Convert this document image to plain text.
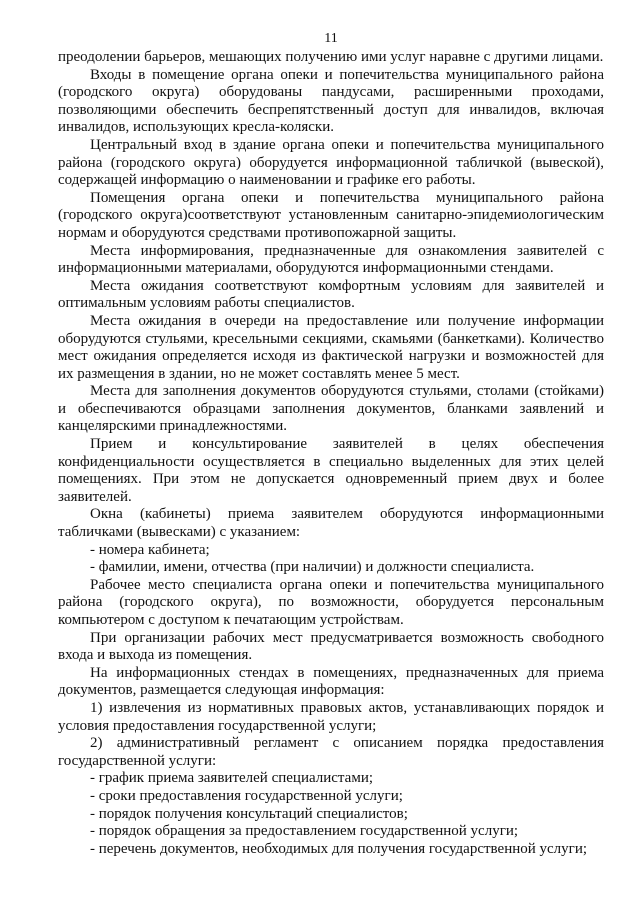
11

преодолении барьеров, мешающих получению ими услуг наравне с другими лицами.

Входы в помещение органа опеки и попечительства муниципального района (городского округа) оборудованы пандусами, расширенными проходами, позволяющими обеспечить беспрепятственный доступ для инвалидов, включая инвалидов, использующих кресла-коляски.

Центральный вход в здание органа опеки и попечительства муниципального района (городского округа) оборудуется информационной табличкой (вывеской), содержащей информацию о наименовании и графике его работы.

Помещения органа опеки и попечительства муниципального района (городского округа)соответствуют установленным санитарно-эпидемиологическим нормам и оборудуются средствами противопожарной защиты.

Места информирования, предназначенные для ознакомления заявителей с информационными материалами, оборудуются информационными стендами.

Места ожидания соответствуют комфортным условиям для заявителей и оптимальным условиям работы специалистов.

Места ожидания в очереди на предоставление или получение информации оборудуются стульями, кресельными секциями, скамьями (банкетками). Количество мест ожидания определяется исходя из фактической нагрузки и возможностей для их размещения в здании, но не может составлять менее 5 мест.

Места для заполнения документов оборудуются стульями, столами (стойками) и обеспечиваются образцами заполнения документов, бланками заявлений и канцелярскими принадлежностями.

Прием и консультирование заявителей в целях обеспечения конфиденциальности осуществляется в специально выделенных для этих целей помещениях. При этом не допускается одновременный прием двух и более заявителей.

Окна (кабинеты) приема заявителем оборудуются информационными табличками (вывесками) с указанием:

- номера кабинета;

- фамилии, имени, отчества (при наличии) и должности специалиста.

Рабочее место специалиста органа опеки и попечительства муниципального района (городского округа), по возможности, оборудуется персональным компьютером с доступом к печатающим устройствам.

При организации рабочих мест предусматривается возможность свободного входа и выхода из помещения.

На информационных стендах в помещениях, предназначенных для приема документов, размещается следующая информация:

1) извлечения из нормативных правовых актов, устанавливающих порядок и условия предоставления государственной услуги;

2) административный регламент с описанием порядка предоставления государственной услуги:

- график приема заявителей специалистами;

- сроки предоставления государственной услуги;

- порядок получения консультаций специалистов;

- порядок обращения за предоставлением государственной услуги;

- перечень документов, необходимых для получения государственной услуги;
